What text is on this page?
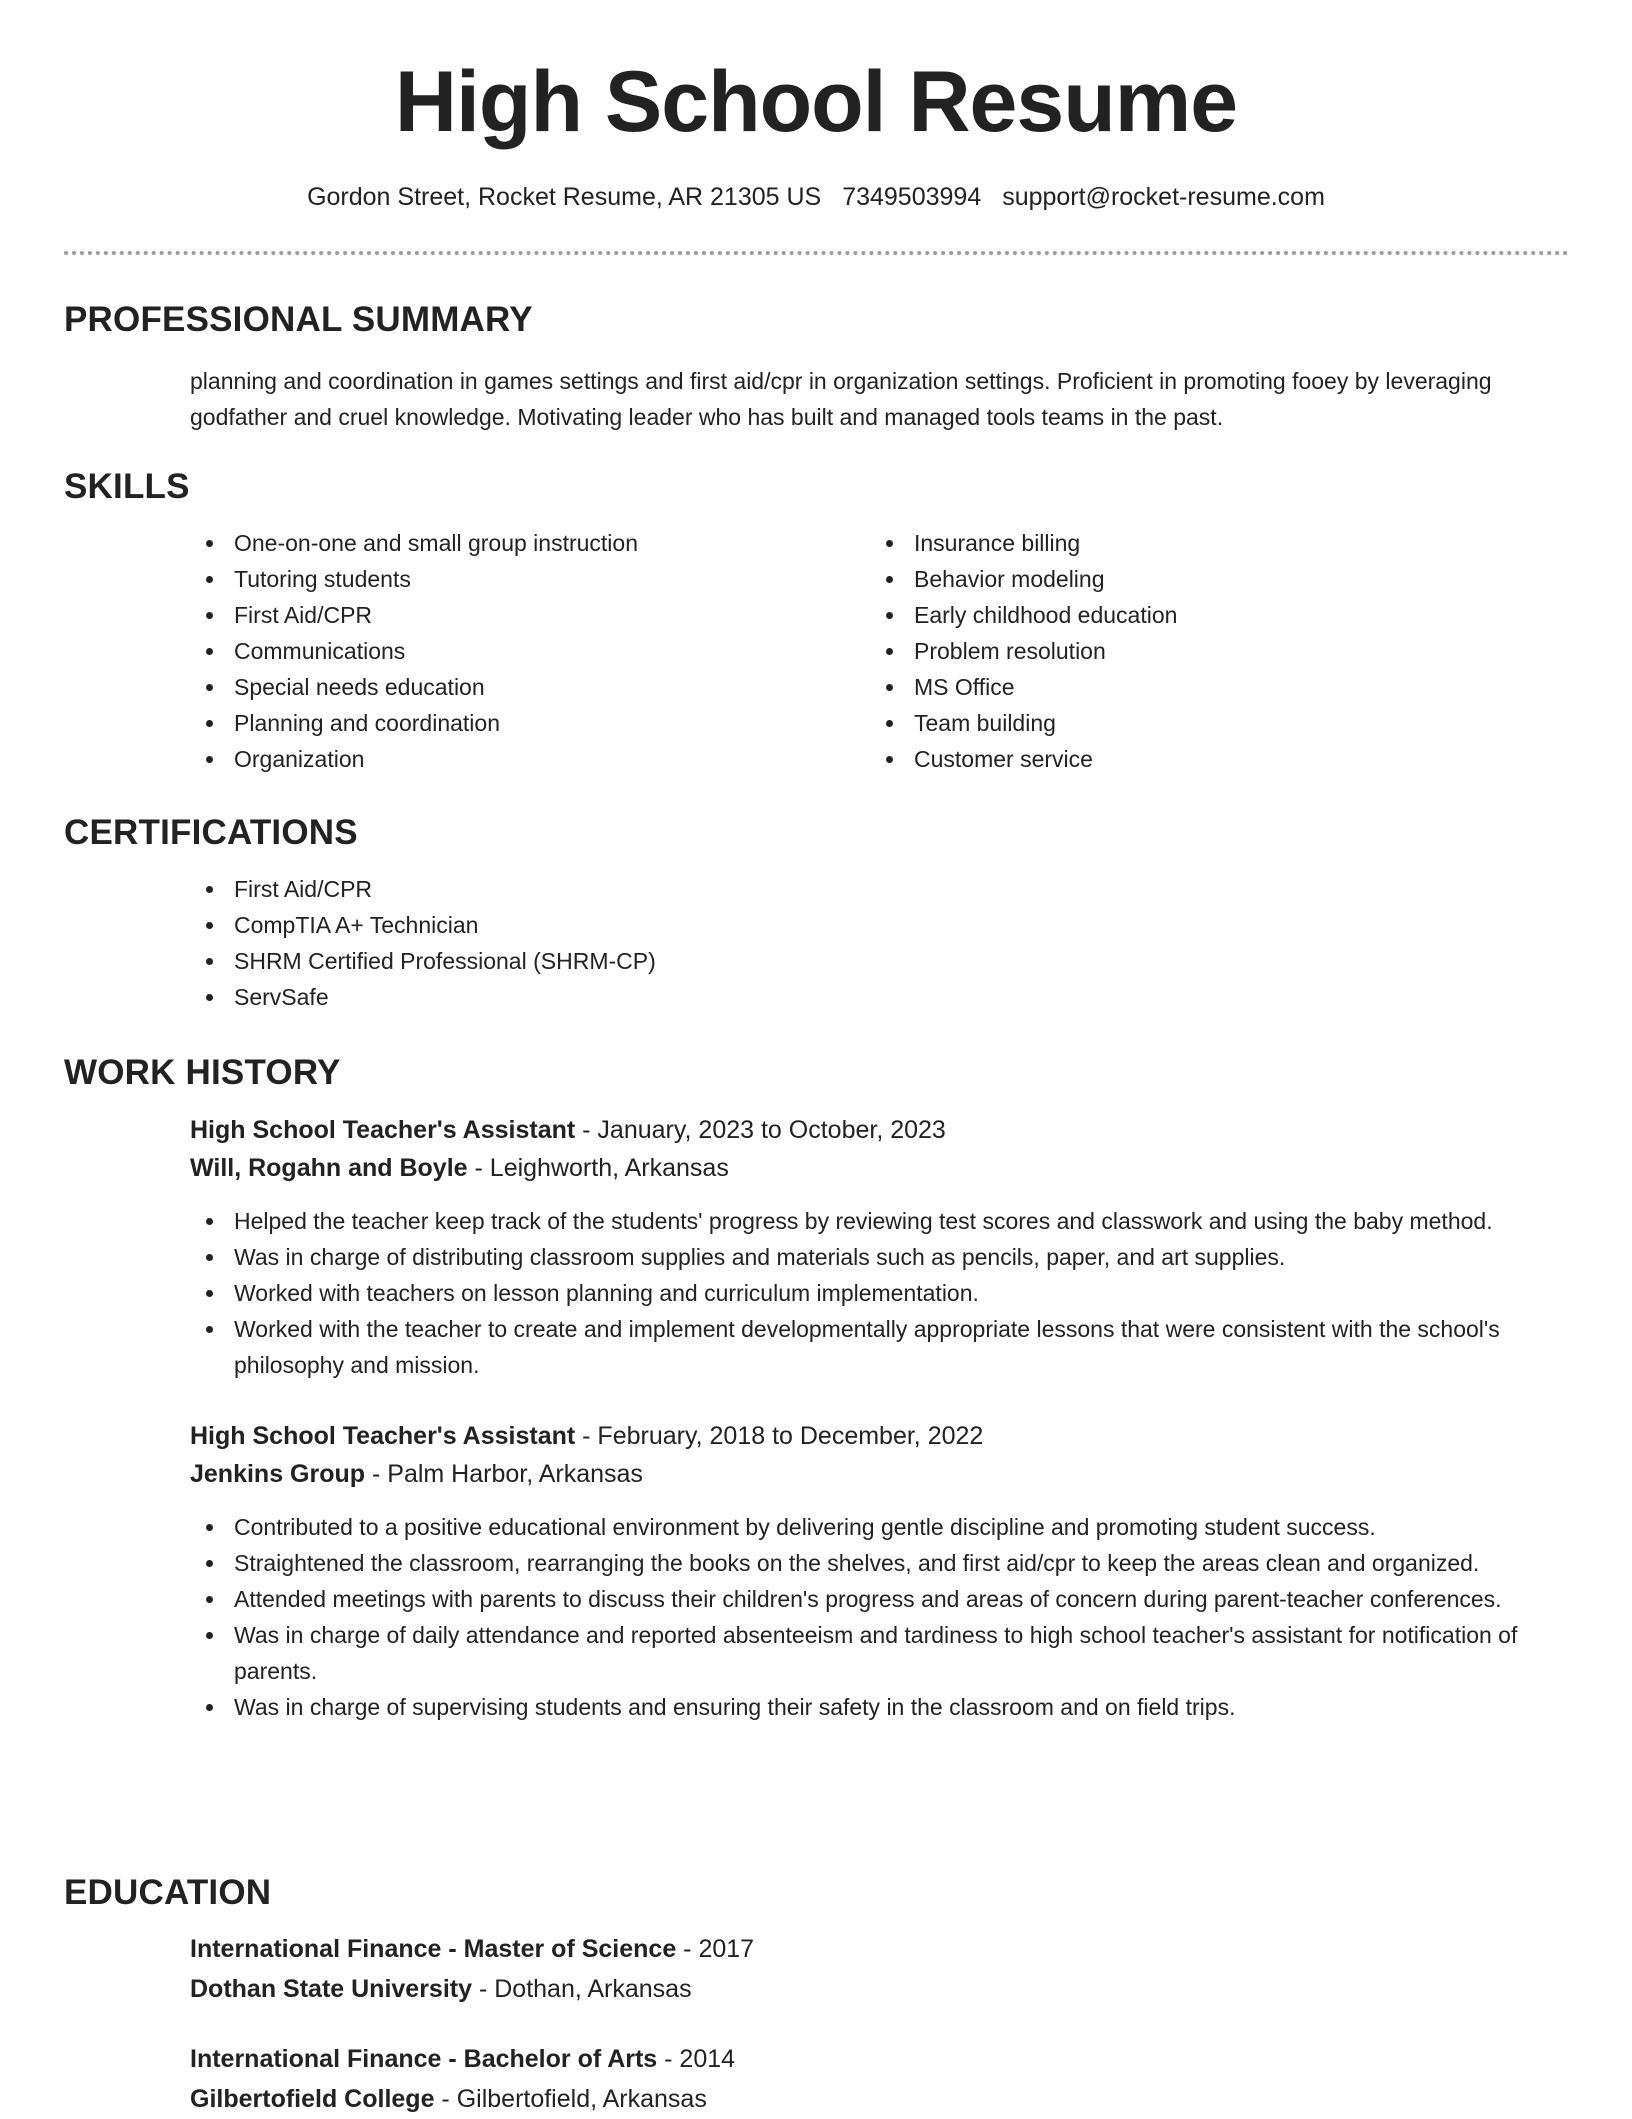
High School Resume
Gordon Street, Rocket Resume, AR 21305 US 7349503994 support@rocket-resume.com
PROFESSIONAL SUMMARY
planning and coordination in games settings and first aid/cpr in organization settings. Proficient in promoting fooey by leveraging godfather and cruel knowledge. Motivating leader who has built and managed tools teams in the past.
SKILLS
One-on-one and small group instruction
Tutoring students
First Aid/CPR
Communications
Special needs education
Planning and coordination
Organization
Insurance billing
Behavior modeling
Early childhood education
Problem resolution
MS Office
Team building
Customer service
CERTIFICATIONS
First Aid/CPR
CompTIA A+ Technician
SHRM Certified Professional (SHRM-CP)
ServSafe
WORK HISTORY
High School Teacher's Assistant - January, 2023 to October, 2023
Will, Rogahn and Boyle - Leighworth, Arkansas
Helped the teacher keep track of the students' progress by reviewing test scores and classwork and using the baby method.
Was in charge of distributing classroom supplies and materials such as pencils, paper, and art supplies.
Worked with teachers on lesson planning and curriculum implementation.
Worked with the teacher to create and implement developmentally appropriate lessons that were consistent with the school's philosophy and mission.
High School Teacher's Assistant - February, 2018 to December, 2022
Jenkins Group - Palm Harbor, Arkansas
Contributed to a positive educational environment by delivering gentle discipline and promoting student success.
Straightened the classroom, rearranging the books on the shelves, and first aid/cpr to keep the areas clean and organized.
Attended meetings with parents to discuss their children's progress and areas of concern during parent-teacher conferences.
Was in charge of daily attendance and reported absenteeism and tardiness to high school teacher's assistant for notification of parents.
Was in charge of supervising students and ensuring their safety in the classroom and on field trips.
EDUCATION
International Finance - Master of Science - 2017
Dothan State University - Dothan, Arkansas
International Finance - Bachelor of Arts - 2014
Gilbertofield College - Gilbertofield, Arkansas
